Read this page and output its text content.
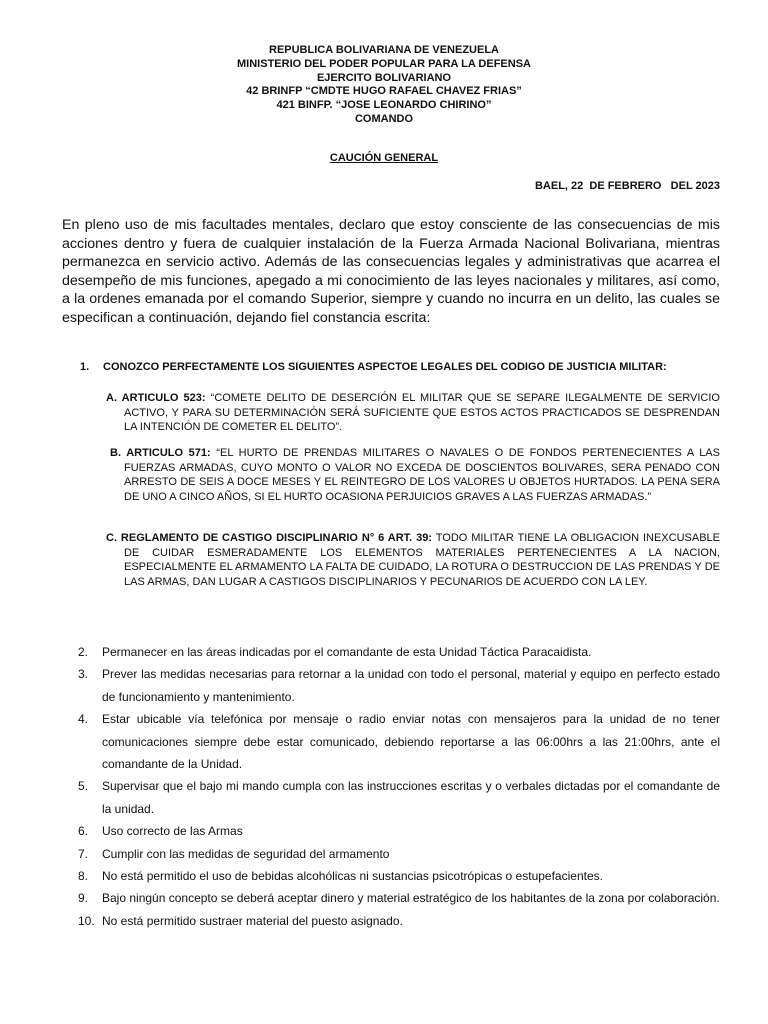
REPUBLICA BOLIVARIANA DE VENEZUELA
MINISTERIO DEL PODER POPULAR PARA LA DEFENSA
EJERCITO BOLIVARIANO
42 BRINFP “CMDTE HUGO RAFAEL CHAVEZ FRIAS”
421 BINFP. “JOSE LEONARDO CHIRINO”
COMANDO
CAUCIÓN GENERAL
BAEL, 22  DE FEBRERO   DEL 2023
En pleno uso de mis facultades mentales, declaro que estoy consciente de las consecuencias de mis acciones dentro y fuera de cualquier instalación de la Fuerza Armada Nacional Bolivariana, mientras permanezca en servicio activo. Además de las consecuencias legales y administrativas que acarrea el desempeño de mis funciones, apegado a mi conocimiento de las leyes nacionales y militares, así como, a la ordenes emanada por el comando Superior, siempre y cuando no incurra en un delito, las cuales se especifican a continuación, dejando fiel constancia escrita:
1. CONOZCO PERFECTAMENTE LOS SIGUIENTES ASPECTOE LEGALES DEL CODIGO DE JUSTICIA MILITAR:
A. ARTICULO 523: “COMETE DELITO DE DESERCIÓN EL MILITAR QUE SE SEPARE ILEGALMENTE DE SERVICIO ACTIVO, Y PARA SU DETERMINACIÓN SERÁ SUFICIENTE QUE ESTOS ACTOS PRACTICADOS SE DESPRENDAN LA INTENCIÓN DE COMETER EL DELITO”.
B. ARTICULO 571: “EL HURTO DE PRENDAS MILITARES O NAVALES O DE FONDOS PERTENECIENTES A LAS FUERZAS ARMADAS, CUYO MONTO O VALOR NO EXCEDA DE DOSCIENTOS BOLIVARES, SERA PENADO CON ARRESTO DE SEIS A DOCE MESES Y EL REINTEGRO DE LOS VALORES U OBJETOS HURTADOS. LA PENA SERA DE UNO A CINCO AÑOS, SI EL HURTO OCASIONA PERJUICIOS GRAVES A LAS FUERZAS ARMADAS.”
C. REGLAMENTO DE CASTIGO DISCIPLINARIO N° 6 ART. 39: TODO MILITAR TIENE LA OBLIGACION INEXCUSABLE DE CUIDAR ESMERADAMENTE LOS ELEMENTOS MATERIALES PERTENECIENTES A LA NACION, ESPECIALMENTE EL ARMAMENTO LA FALTA DE CUIDADO, LA ROTURA O DESTRUCCION DE LAS PRENDAS Y DE LAS ARMAS, DAN LUGAR A CASTIGOS DISCIPLINARIOS Y PECUNARIOS DE ACUERDO CON LA LEY.
2. Permanecer en las áreas indicadas por el comandante de esta Unidad Táctica Paracaidista.
3. Prever las medidas necesarias para retornar a la unidad con todo el personal, material y equipo en perfecto estado de funcionamiento y mantenimiento.
4. Estar ubicable vía telefónica por mensaje o radio enviar notas con mensajeros para la unidad de no tener comunicaciones siempre debe estar comunicado, debiendo reportarse a las 06:00hrs a las 21:00hrs, ante el comandante de la Unidad.
5. Supervisar que el bajo mi mando cumpla con las instrucciones escritas y o verbales dictadas por el comandante de la unidad.
6. Uso correcto de las Armas
7. Cumplir con las medidas de seguridad del armamento
8. No está permitido el uso de bebidas alcohólicas ni sustancias psicotrópicas o estupefacientes.
9. Bajo ningún concepto se deberá aceptar dinero y material estratégico de los habitantes de la zona por colaboración.
10. No está permitido sustraer material del puesto asignado.
